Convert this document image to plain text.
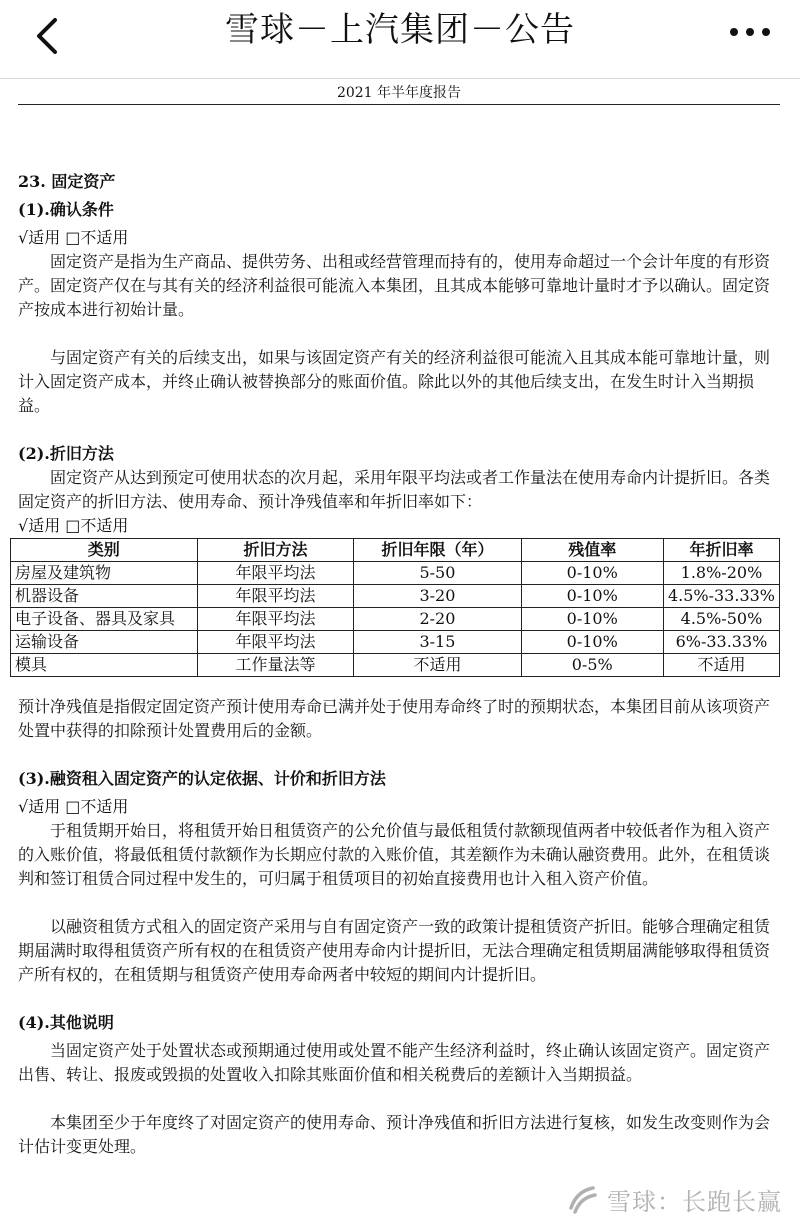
雪球－上汽集团－公告
2021 年半年度报告

23. 固定资产

(1).确认条件

√适用 □不适用

固定资产是指为生产商品、提供劳务、出租或经营管理而持有的，使用寿命超过一个会计年度的有形资产。固定资产仅在与其有关的经济利益很可能流入本集团，且其成本能够可靠地计量时才予以确认。固定资产按成本进行初始计量。

与固定资产有关的后续支出，如果与该固定资产有关的经济利益很可能流入且其成本能可靠地计量，则计入固定资产成本，并终止确认被替换部分的账面价值。除此以外的其他后续支出，在发生时计入当期损益。

(2).折旧方法

固定资产从达到预定可使用状态的次月起，采用年限平均法或者工作量法在使用寿命内计提折旧。各类固定资产的折旧方法、使用寿命、预计净残值率和年折旧率如下：

√适用 □不适用

类别	折旧方法	折旧年限（年）	残值率	年折旧率
房屋及建筑物	年限平均法	5-50	0-10%	1.8%-20%
机器设备	年限平均法	3-20	0-10%	4.5%-33.33%
电子设备、器具及家具	年限平均法	2-20	0-10%	4.5%-50%
运输设备	年限平均法	3-15	0-10%	6%-33.33%
模具	工作量法等	不适用	0-5%	不适用

预计净残值是指假定固定资产预计使用寿命已满并处于使用寿命终了时的预期状态，本集团目前从该项资产处置中获得的扣除预计处置费用后的金额。

(3).融资租入固定资产的认定依据、计价和折旧方法

√适用 □不适用

于租赁期开始日，将租赁开始日租赁资产的公允价值与最低租赁付款额现值两者中较低者作为租入资产的入账价值，将最低租赁付款额作为长期应付款的入账价值，其差额作为未确认融资费用。此外，在租赁谈判和签订租赁合同过程中发生的，可归属于租赁项目的初始直接费用也计入租入资产价值。

以融资租赁方式租入的固定资产采用与自有固定资产一致的政策计提租赁资产折旧。能够合理确定租赁期届满时取得租赁资产所有权的在租赁资产使用寿命内计提折旧，无法合理确定租赁期届满能够取得租赁资产所有权的，在租赁期与租赁资产使用寿命两者中较短的期间内计提折旧。

(4).其他说明

当固定资产处于处置状态或预期通过使用或处置不能产生经济利益时，终止确认该固定资产。固定资产出售、转让、报废或毁损的处置收入扣除其账面价值和相关税费后的差额计入当期损益。

本集团至少于年度终了对固定资产的使用寿命、预计净残值和折旧方法进行复核，如发生改变则作为会计估计变更处理。

雪球：长跑长赢
